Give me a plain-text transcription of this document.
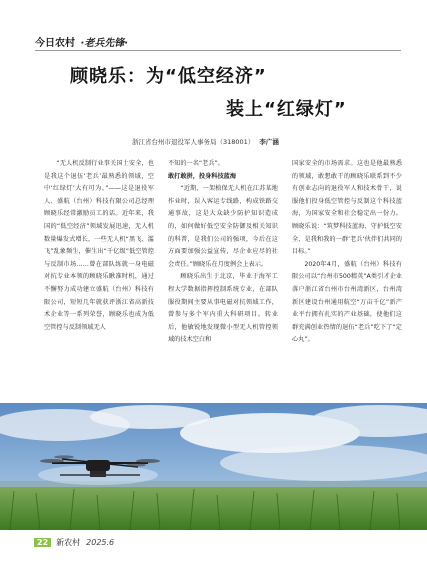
今日农村 ·老兵先锋·
顾晓乐：为“低空经济”
装上“红绿灯”
浙江省台州市退役军人事务局（318001） 李广涵

“无人机反制行业事关国土安全，也是我这个退伍‘老兵’最熟悉的领域，空中‘红绿灯’大有可为。”——这是退役军人、盛航（台州）科技有限公司总经理顾晓乐经常激励员工的话。近年来，我国的“低空经济”领域发展迅速，无人机数量爆发式增长，一些无人机“黑飞、滥飞”乱象频生，催生出“千亿级”低空管控与反制市场……曾在部队练就一身电磁对抗专业本领的顾晓乐瞅准时机，通过不懈努力成功建立盛航（台州）科技有限公司，短短几年就获评浙江省高新技术企业等一系列荣誉，顾晓乐也成为低空管控与反制领域无人

不知的一名“老兵”。

敢打敢拼，投身科技蓝海

“近期，一架植保无人机在江苏某地作业时，误入客运专线路，构成铁路交通事故，这是大众缺少防护知识造成的，如何做好低空安全防御及相关知识的科普，是我们公司的强项，今后在这方面要加强公益宣传，尽企业应尽的社会责任。”顾晓乐在月度例会上表示。

顾晓乐出生于北京，毕业于海军工程大学数据指挥控制系统专业，在部队服役期间主要从事电磁对抗领域工作，曾参与多个军内重大科研项目。转业后，他敏锐地发现微小型无人机管控领域的技术空白和

国家安全的市场需求。这也是他最熟悉的领域，敢想敢干的顾晓乐联系到不少有创业志向的退役军人和技术骨干，说服他们投身低空管控与反制这个科技蓝海，为国家安全和社会稳定出一份力。顾晓乐说：“筑梦科技蓝海、守护低空安全，是我和我的一群‘老兵’伙伴们共同的目标。”

2020年4月，盛航（台州）科技有限公司以“台州市500精英”A类引才企业落户浙江省台州市台州湾新区，台州湾新区建设台州通用航空“万亩千亿”新产业平台拥有扎实的产业基础，使他们这群充满创业热情的退伍“老兵”吃下了“定心丸”。

22	新农村 2025.6
